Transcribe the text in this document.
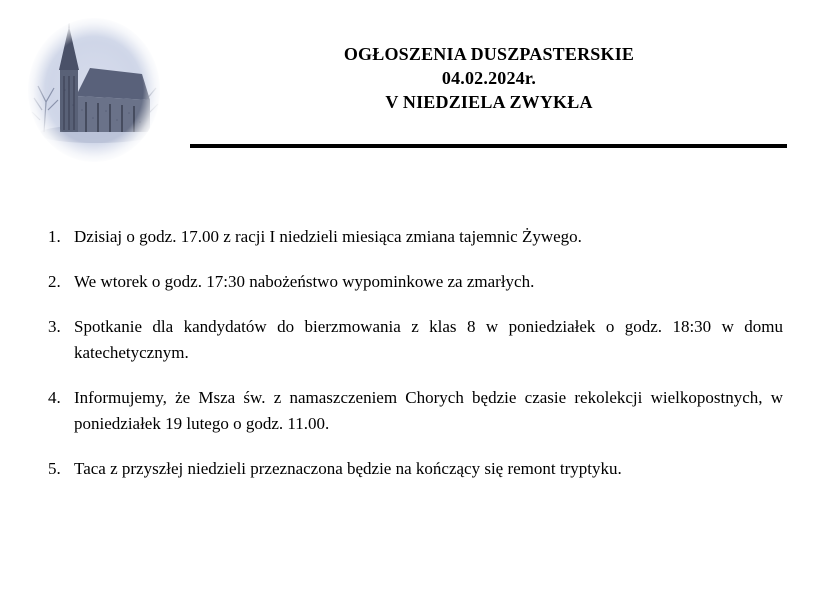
OGŁOSZENIA DUSZPASTERSKIE
04.02.2024r.
V NIEDZIELA ZWYKŁA
1. Dzisiaj o godz. 17.00 z racji I niedzieli miesiąca zmiana tajemnic Żywego.
2. We wtorek o godz. 17:30 nabożeństwo wypominkowe za zmarłych.
3. Spotkanie dla kandydatów do bierzmowania z klas 8 w poniedziałek o godz. 18:30 w domu katechetycznym.
4. Informujemy, że Msza św. z namaszczeniem Chorych będzie czasie rekolekcji wielkopostnych, w poniedziałek 19 lutego o godz. 11.00.
5. Taca z przyszłej niedzieli przeznaczona będzie na kończący się remont tryptyku.
